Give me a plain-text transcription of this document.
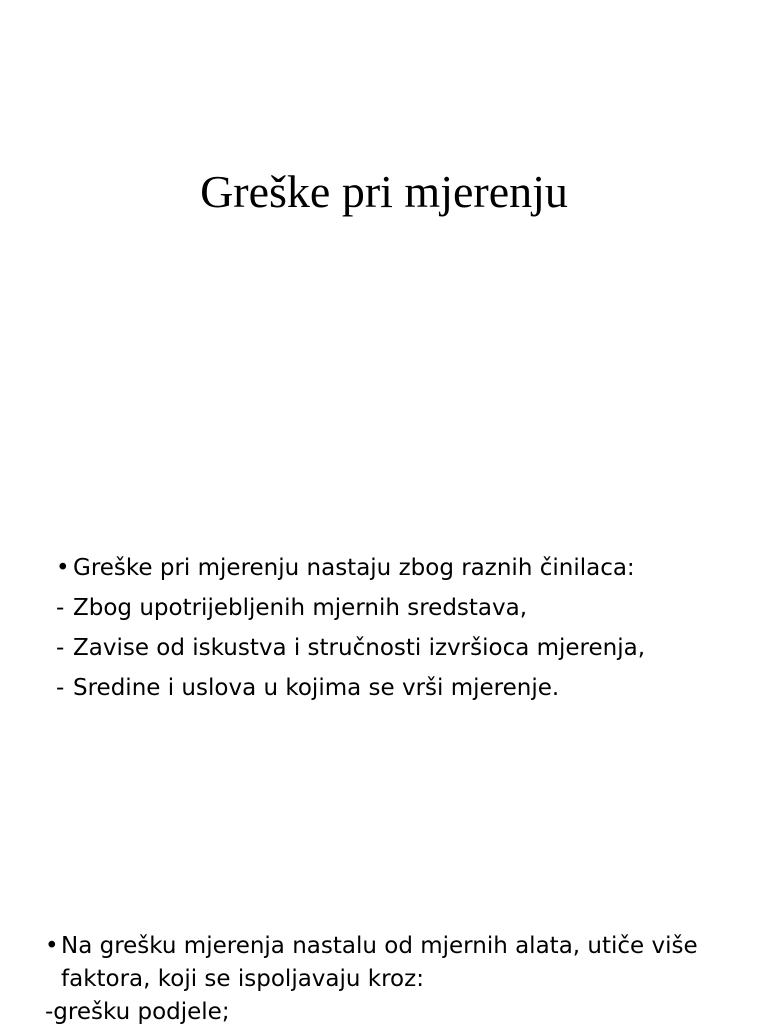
Greške pri mjerenju
• Greške pri mjerenju nastaju zbog raznih činilaca:
- Zbog upotrijebljenih mjernih sredstava,
- Zavise od iskustva i stručnosti izvršioca mjerenja,
- Sredine i uslova u kojima se vrši mjerenje.
• Na grešku mjerenja nastalu od mjernih alata, utiče više
faktora, koji se ispoljavaju kroz:
-grešku podjele;
